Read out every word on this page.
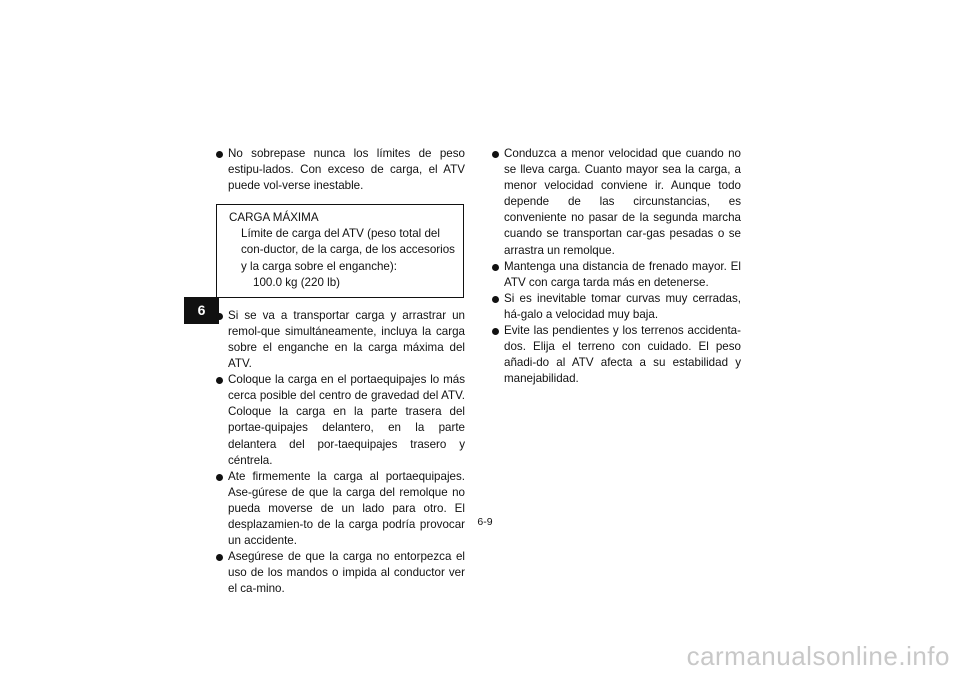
6

No sobrepase nunca los límites de peso estipu-lados. Con exceso de carga, el ATV puede vol-verse inestable.

CARGA MÁXIMA
Límite de carga del ATV (peso total del con-ductor, de la carga, de los accesorios y la carga sobre el enganche):
100.0 kg (220 lb)

Si se va a transportar carga y arrastrar un remol-que simultáneamente, incluya la carga sobre el enganche en la carga máxima del ATV.

Coloque la carga en el portaequipajes lo más cerca posible del centro de gravedad del ATV. Coloque la carga en la parte trasera del portae-quipajes delantero, en la parte delantera del por-taequipajes trasero y céntrela.

Ate firmemente la carga al portaequipajes. Ase-gúrese de que la carga del remolque no pueda moverse de un lado para otro. El desplazamien-to de la carga podría provocar un accidente.

Asegúrese de que la carga no entorpezca el uso de los mandos o impida al conductor ver el ca-mino.

Conduzca a menor velocidad que cuando no se lleva carga. Cuanto mayor sea la carga, a menor velocidad conviene ir. Aunque todo depende de las circunstancias, es conveniente no pasar de la segunda marcha cuando se transportan car-gas pesadas o se arrastra un remolque.

Mantenga una distancia de frenado mayor. El ATV con carga tarda más en detenerse.

Si es inevitable tomar curvas muy cerradas, há-galo a velocidad muy baja.

Evite las pendientes y los terrenos accidenta-dos. Elija el terreno con cuidado. El peso añadi-do al ATV afecta a su estabilidad y manejabilidad.

6-9
carmanualsonline.info
